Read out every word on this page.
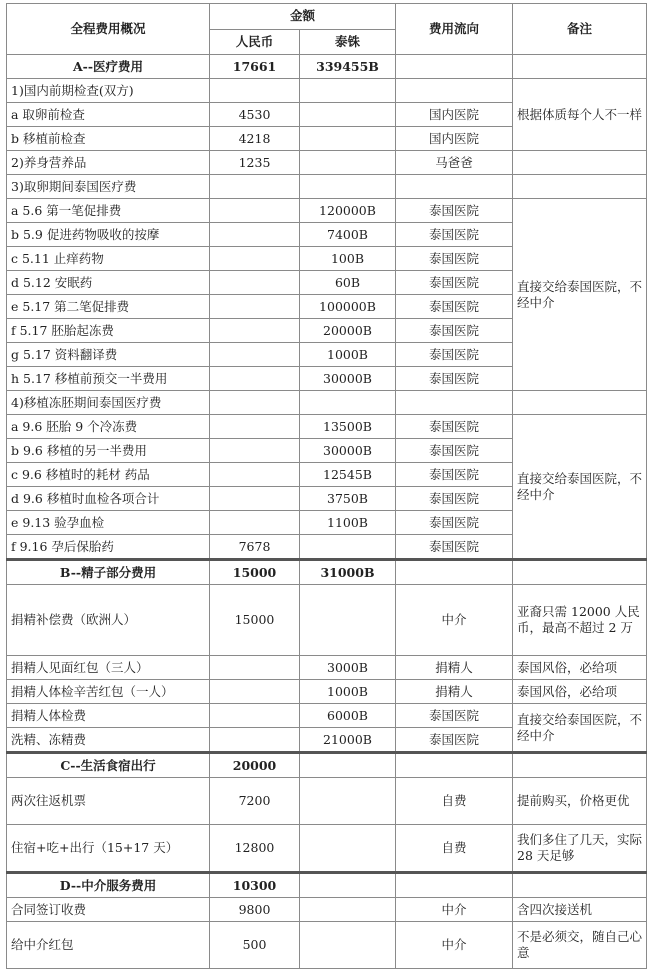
全程费用概况	金额		费用流向	备注
	人民币	泰铢		
A--医疗费用	17661	339455B		
1)国内前期检查(双方)				根据体质每个人不一样
a 取卵前检查	4530		国内医院	
b 移植前检查	4218		国内医院	
2)养身营养品	1235		马爸爸	
3)取卵期间泰国医疗费				
a 5.6 第一笔促排费		120000B	泰国医院	直接交给泰国医院，不经中介
b 5.9 促进药物吸收的按摩		7400B	泰国医院	
c 5.11 止痒药物		100B	泰国医院	
d 5.12 安眠药		60B	泰国医院	
e 5.17 第二笔促排费		100000B	泰国医院	
f 5.17 胚胎起冻费		20000B	泰国医院	
g 5.17 资料翻译费		1000B	泰国医院	
h 5.17 移植前预交一半费用		30000B	泰国医院	
4)移植冻胚期间泰国医疗费				
a 9.6 胚胎 9 个冷冻费		13500B	泰国医院	直接交给泰国医院，不经中介
b 9.6 移植的另一半费用		30000B	泰国医院	
c 9.6 移植时的耗材 药品		12545B	泰国医院	
d 9.6 移植时血检各项合计		3750B	泰国医院	
e 9.13 验孕血检		1100B	泰国医院	
f 9.16 孕后保胎药	7678		泰国医院	
B--精子部分费用	15000	31000B		
捐精补偿费（欧洲人）	15000		中介	亚裔只需 12000 人民币，最高不超过 2 万
捐精人见面红包（三人）		3000B	捐精人	泰国风俗，必给项
捐精人体检辛苦红包（一人）		1000B	捐精人	泰国风俗，必给项
捐精人体检费		6000B	泰国医院	直接交给泰国医院，不经中介
洗精、冻精费		21000B	泰国医院	
C--生活食宿出行	20000			
两次往返机票	7200		自费	提前购买，价格更优
住宿+吃+出行（15+17 天）	12800		自费	我们多住了几天，实际 28 天足够
D--中介服务费用	10300			
合同签订收费	9800		中介	含四次接送机
给中介红包	500		中介	不是必须交，随自己心意
